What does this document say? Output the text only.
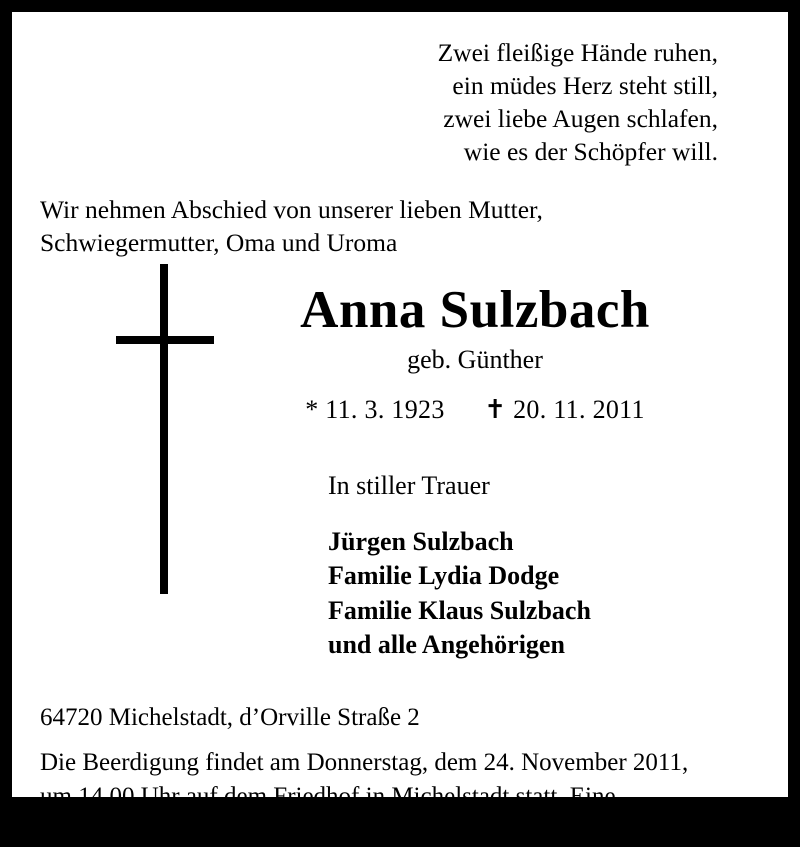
Zwei fleißige Hände ruhen,
ein müdes Herz steht still,
zwei liebe Augen schlafen,
wie es der Schöpfer will.
Wir nehmen Abschied von unserer lieben Mutter,
Schwiegermutter, Oma und Uroma
Anna Sulzbach
geb. Günther
* 11. 3. 1923 ✝ 20. 11. 2011
In stiller Trauer
Jürgen Sulzbach
Familie Lydia Dodge
Familie Klaus Sulzbach
und alle Angehörigen
64720 Michelstadt, d’Orville Straße 2
Die Beerdigung findet am Donnerstag, dem 24. November 2011,
um 14.00 Uhr auf dem Friedhof in Michelstadt statt. Eine
Kondolenzliste liegt aus.
